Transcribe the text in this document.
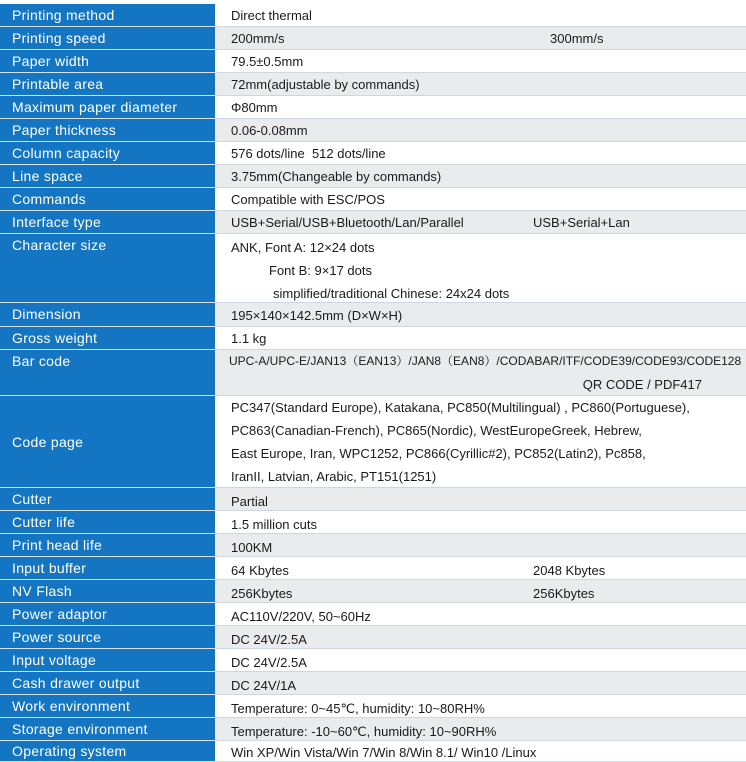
Printing method	Direct thermal
Printing speed	200mm/s	300mm/s
Paper width	79.5±0.5mm
Printable area	72mm(adjustable by commands)
Maximum paper diameter	Φ80mm
Paper thickness	0.06-0.08mm
Column capacity	576 dots/line  512 dots/line
Line space	3.75mm(Changeable by commands)
Commands	Compatible with ESC/POS
Interface type	USB+Serial/USB+Bluetooth/Lan/Parallel	USB+Serial+Lan
Character size	ANK, Font A: 12×24 dots
Font B: 9×17 dots
simplified/traditional Chinese: 24x24 dots
Dimension	195×140×142.5mm (D×W×H)
Gross weight	1.1 kg
Bar code	UPC-A/UPC-E/JAN13（EAN13）/JAN8（EAN8）/CODABAR/ITF/CODE39/CODE93/CODE128
QR CODE / PDF417
Code page
PC347(Standard Europe), Katakana, PC850(Multilingual) , PC860(Portuguese),
PC863(Canadian-French), PC865(Nordic), WestEuropeGreek, Hebrew,
East Europe, Iran, WPC1252, PC866(Cyrillic#2), PC852(Latin2), Pc858,
IranII, Latvian, Arabic, PT151(1251)
Cutter	Partial
Cutter life	1.5 million cuts
Print head life	100KM
Input buffer	64 Kbytes	2048 Kbytes
NV Flash	256Kbytes	256Kbytes
Power adaptor	AC110V/220V, 50~60Hz
Power source	DC 24V/2.5A
Input voltage	DC 24V/2.5A
Cash drawer output	DC 24V/1A
Work environment	Temperature: 0~45℃, humidity: 10~80RH%
Storage environment	Temperature: -10~60℃, humidity: 10~90RH%
Operating system	Win XP/Win Vista/Win 7/Win 8/Win 8.1/ Win10 /Linux
